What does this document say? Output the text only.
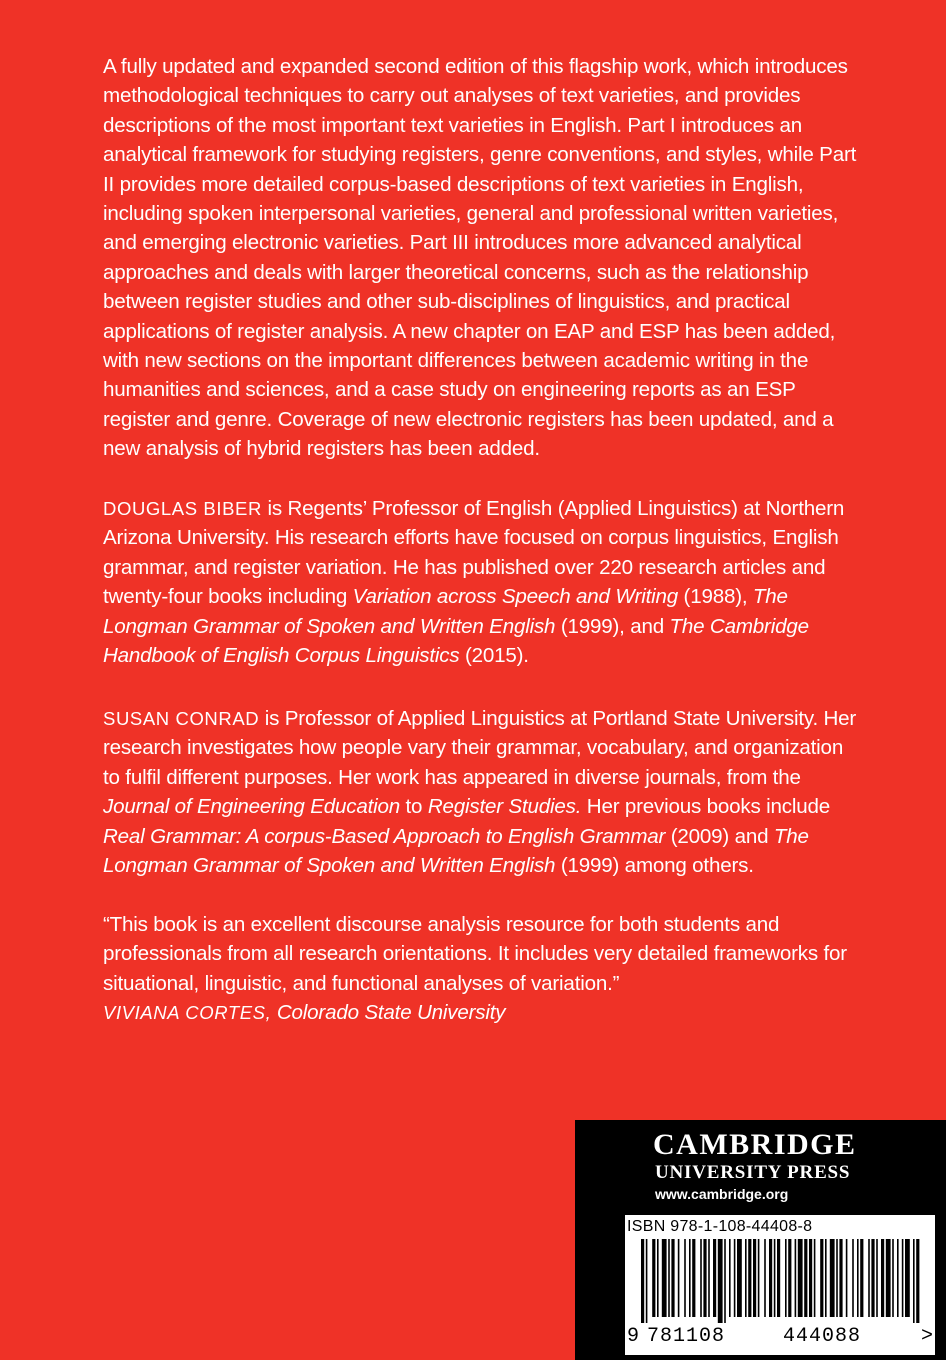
A fully updated and expanded second edition of this flagship work, which introduces methodological techniques to carry out analyses of text varieties, and provides descriptions of the most important text varieties in English. Part I introduces an analytical framework for studying registers, genre conventions, and styles, while Part II provides more detailed corpus-based descriptions of text varieties in English, including spoken interpersonal varieties, general and professional written varieties, and emerging electronic varieties. Part III introduces more advanced analytical approaches and deals with larger theoretical concerns, such as the relationship between register studies and other sub-disciplines of linguistics, and practical applications of register analysis. A new chapter on EAP and ESP has been added, with new sections on the important differences between academic writing in the humanities and sciences, and a case study on engineering reports as an ESP register and genre. Coverage of new electronic registers has been updated, and a new analysis of hybrid registers has been added.

DOUGLAS BIBER is Regents’ Professor of English (Applied Linguistics) at Northern Arizona University. His research efforts have focused on corpus linguistics, English grammar, and register variation. He has published over 220 research articles and twenty-four books including Variation across Speech and Writing (1988), The Longman Grammar of Spoken and Written English (1999), and The Cambridge Handbook of English Corpus Linguistics (2015).

SUSAN CONRAD is Professor of Applied Linguistics at Portland State University. Her research investigates how people vary their grammar, vocabulary, and organization to fulfil different purposes. Her work has appeared in diverse journals, from the Journal of Engineering Education to Register Studies. Her previous books include Real Grammar: A corpus-Based Approach to English Grammar (2009) and The Longman Grammar of Spoken and Written English (1999) among others.

“This book is an excellent discourse analysis resource for both students and professionals from all research orientations. It includes very detailed frameworks for situational, linguistic, and functional analyses of variation.”

VIVIANA CORTES, Colorado State University

CAMBRIDGE
UNIVERSITY PRESS
www.cambridge.org
ISBN 978-1-108-44408-8
9 781108	444088	>
